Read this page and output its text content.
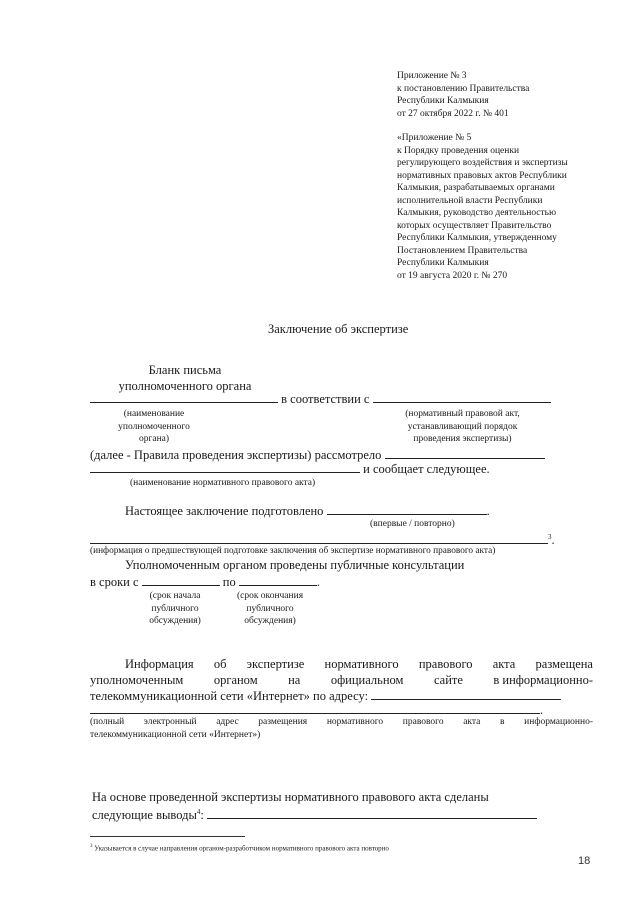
Приложение № 3
к постановлению Правительства
Республики Калмыкия
от 27 октября 2022 г. № 401
«Приложение № 5
к Порядку проведения оценки
регулирующего воздействия и экспертизы
нормативных правовых актов Республики
Калмыкия, разрабатываемых органами
исполнительной власти Республики
Калмыкия, руководство деятельностью
которых осуществляет Правительство
Республики Калмыкия, утвержденному
Постановлением Правительства
Республики Калмыкия
от 19 августа 2020 г. № 270
Заключение об экспертизе
Бланк письма
уполномоченного органа
в соответствии с
(наименование уполномоченного
органа)
(нормативный правовой акт,
устанавливающий порядок
проведения экспертизы)
(далее - Правила проведения экспертизы) рассмотрело
и сообщает следующее.
(наименование нормативного правового акта)
Настоящее заключение подготовлено	.
(впервые / повторно)
$^3$.
(информация о предшествующей подготовке заключения об экспертизе нормативного правового акта)
Уполномоченным органом проведены публичные консультации
в сроки с	по	.
(срок начала
публичного
обсуждения)
(срок окончания
публичного
обсуждения)
Информация об экспертизе нормативного правового акта размещена
уполномоченным органом на официальном сайте в информационно-
телекоммуникационной сети «Интернет» по адресу:
.
(полный электронный адрес размещения нормативного правового акта в информационно-
телекоммуникационной сети «Интернет»)
На основе проведенной экспертизы нормативного правового акта сделаны
следующие выводы$^4$:
$^3$ Указывается в случае направления органом-разработчиком нормативного правового акта повторно
18
